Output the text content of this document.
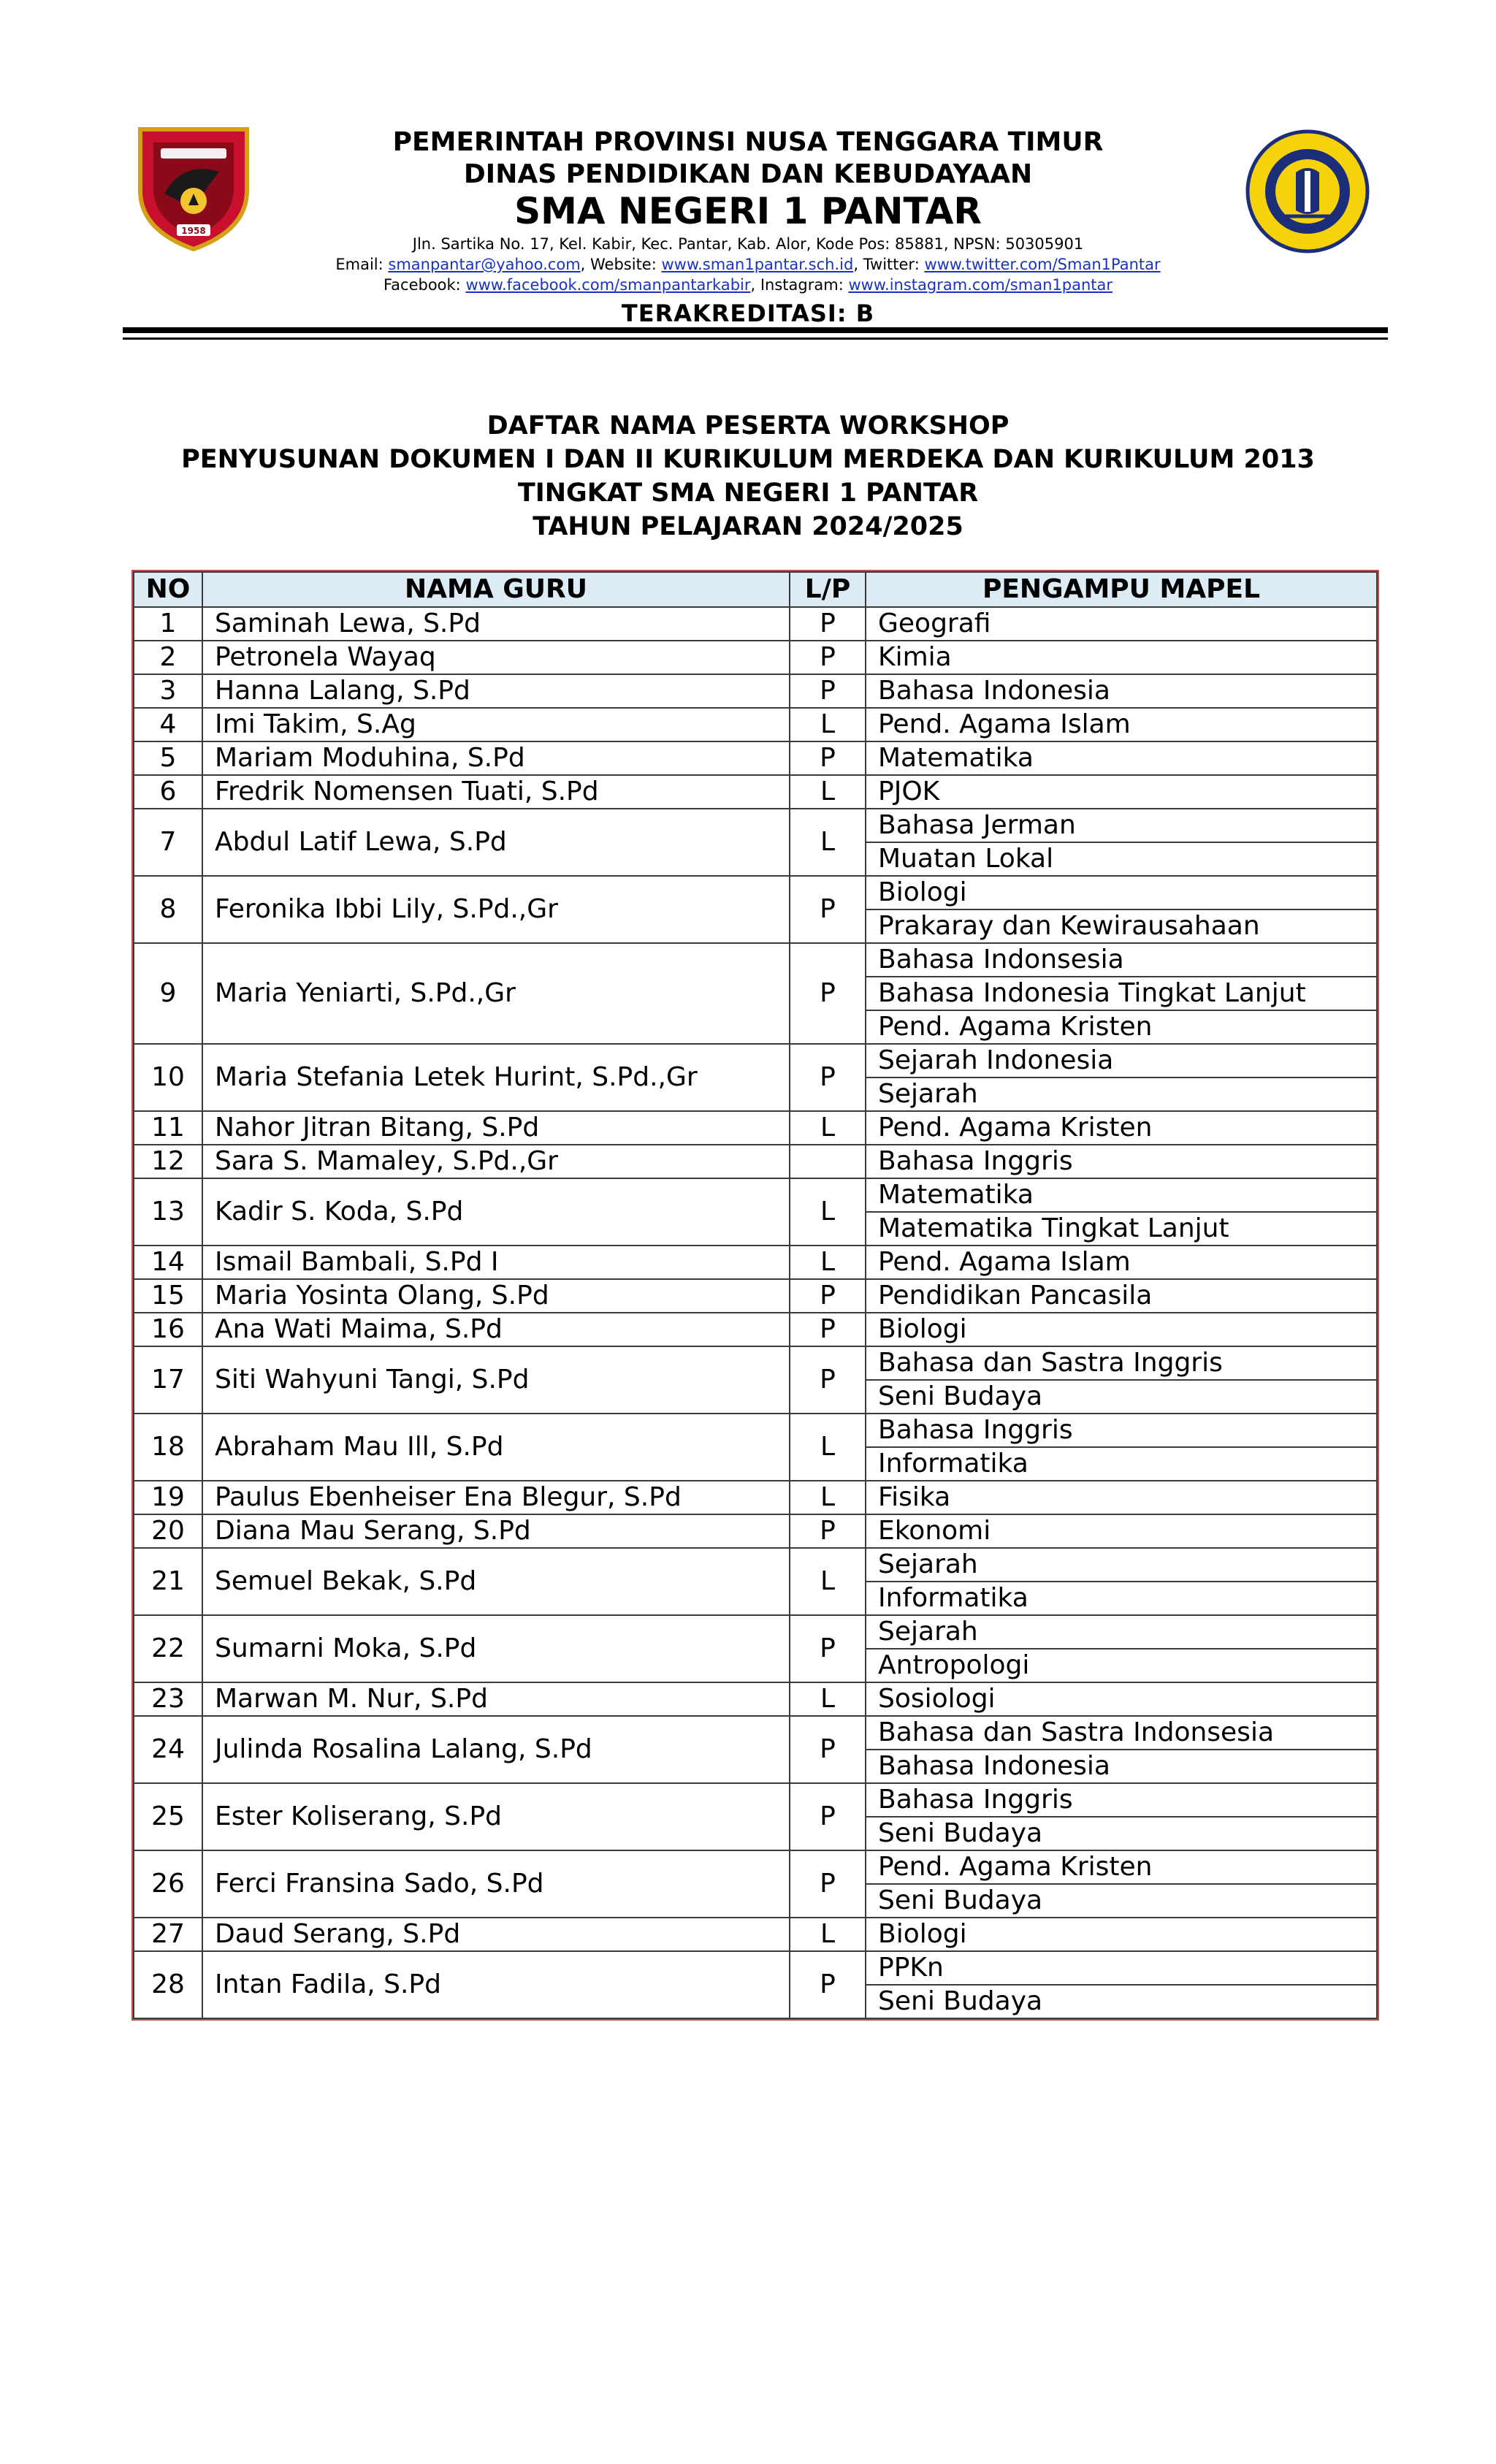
1958
PEMERINTAH PROVINSI NUSA TENGGARA TIMUR
DINAS PENDIDIKAN DAN KEBUDAYAAN
SMA NEGERI 1 PANTAR
Jln. Sartika No. 17, Kel. Kabir, Kec. Pantar, Kab. Alor, Kode Pos: 85881, NPSN: 50305901
Email: smanpantar@yahoo.com, Website: www.sman1pantar.sch.id, Twitter: www.twitter.com/Sman1Pantar
Facebook: www.facebook.com/smanpantarkabir, Instagram: www.instagram.com/sman1pantar
TERAKREDITASI: B
DAFTAR NAMA PESERTA WORKSHOP
PENYUSUNAN DOKUMEN I DAN II KURIKULUM MERDEKA DAN KURIKULUM 2013
TINGKAT SMA NEGERI 1 PANTAR
TAHUN PELAJARAN 2024/2025
NO	NAMA GURU	L/P	PENGAMPU MAPEL
1	Saminah Lewa, S.Pd	P	Geografi
2	Petronela Wayaq	P	Kimia
3	Hanna Lalang, S.Pd	P	Bahasa Indonesia
4	Imi Takim, S.Ag	L	Pend. Agama Islam
5	Mariam Moduhina, S.Pd	P	Matematika
6	Fredrik Nomensen Tuati, S.Pd	L	PJOK
7	Abdul Latif Lewa, S.Pd	L	Bahasa Jerman
			Muatan Lokal
8	Feronika Ibbi Lily, S.Pd.,Gr	P	Biologi
			Prakaray dan Kewirausahaan
9	Maria Yeniarti, S.Pd.,Gr	P	Bahasa Indonsesia
			Bahasa Indonesia Tingkat Lanjut
			Pend. Agama Kristen
10	Maria Stefania Letek Hurint, S.Pd.,Gr	P	Sejarah Indonesia
			Sejarah
11	Nahor Jitran Bitang, S.Pd	L	Pend. Agama Kristen
12	Sara S. Mamaley, S.Pd.,Gr		Bahasa Inggris
13	Kadir S. Koda, S.Pd	L	Matematika
			Matematika Tingkat Lanjut
14	Ismail Bambali, S.Pd I	L	Pend. Agama Islam
15	Maria Yosinta Olang, S.Pd	P	Pendidikan Pancasila
16	Ana Wati Maima, S.Pd	P	Biologi
17	Siti Wahyuni Tangi, S.Pd	P	Bahasa dan Sastra Inggris
			Seni Budaya
18	Abraham Mau Ill, S.Pd	L	Bahasa Inggris
			Informatika
19	Paulus Ebenheiser Ena Blegur, S.Pd	L	Fisika
20	Diana Mau Serang, S.Pd	P	Ekonomi
21	Semuel Bekak, S.Pd	L	Sejarah
			Informatika
22	Sumarni Moka, S.Pd	P	Sejarah
			Antropologi
23	Marwan M. Nur, S.Pd	L	Sosiologi
24	Julinda Rosalina Lalang, S.Pd	P	Bahasa dan Sastra Indonsesia
			Bahasa Indonesia
25	Ester Koliserang, S.Pd	P	Bahasa Inggris
			Seni Budaya
26	Ferci Fransina Sado, S.Pd	P	Pend. Agama Kristen
			Seni Budaya
27	Daud Serang, S.Pd	L	Biologi
28	Intan Fadila, S.Pd	P	PPKn
			Seni Budaya
